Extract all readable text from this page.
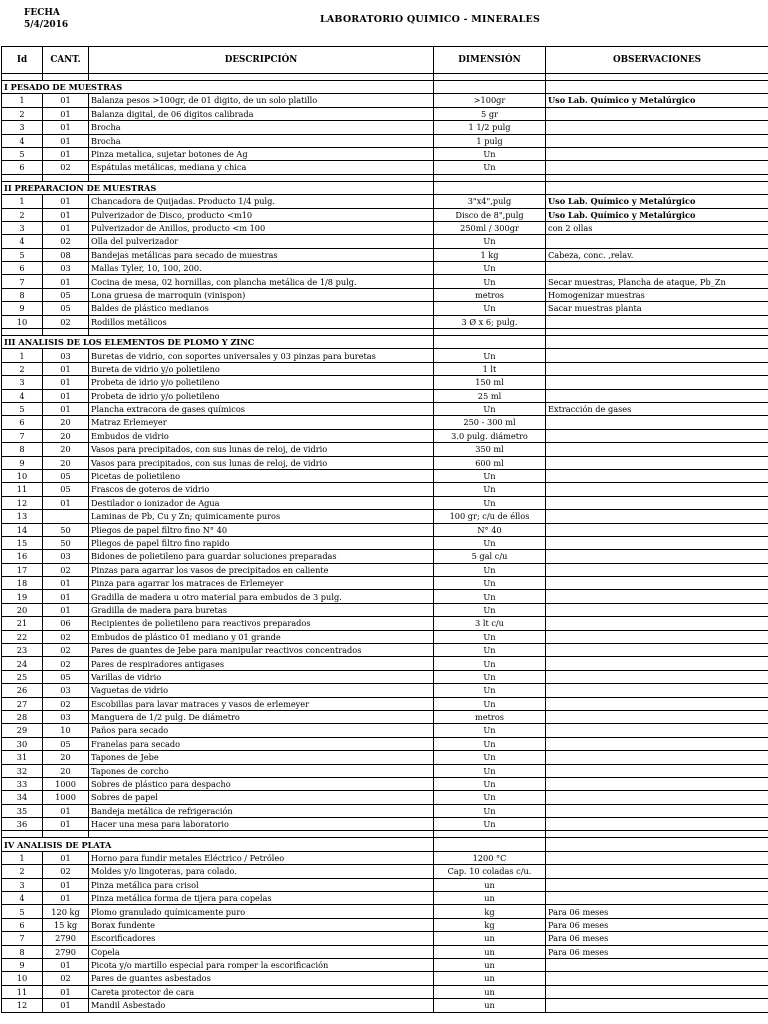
FECHA
5/4/2016	LABORATORIO QUIMICO - MINERALES
Id	CANT.	DESCRIPCIÓN	DIMENSIÓN	OBSERVACIONES

I PESADO DE MUESTRAS				
1	01	Balanza pesos >100gr, de 01 digito, de un solo platillo	>100gr	Uso Lab. Químico y Metalúrgico
2	01	Balanza digital, de 06 digitos calibrada	5 gr	
3	01	Brocha	1 1/2 pulg	
4	01	Brocha	1 pulg	
5	01	Pinza metalica, sujetar botones de Ag	Un	
6	02	Espátulas metálicas, mediana y chica	Un	

II PREPARACION DE MUESTRAS				
1	01	Chancadora de Quijadas. Producto 1/4 pulg.	3"x4",pulg	Uso Lab. Químico y Metalúrgico
2	01	Pulverizador de Disco, producto <m10	Disco de 8",pulg	Uso Lab. Químico y Metalúrgico
3	01	Pulverizador de Anillos, producto <m 100	250ml / 300gr	con 2 ollas
4	02	Olla del pulverizador	Un	
5	08	Bandejas metálicas para secado de muestras	1 kg	Cabeza, conc. ,relav.
6	03	Mallas Tyler, 10, 100, 200.	Un	
7	01	Cocina de mesa, 02 hornillas, con plancha metálica de 1/8 pulg.	Un	Secar muestras, Plancha de ataque, Pb_Zn
8	05	Lona gruesa de marroquin (vinispon)	metros	Homogenizar muestras
9	05	Baldes de plástico medianos	Un	Sacar muestras planta
10	02	Rodillos metálicos	3 Ø x 6; pulg.	

III ANALISIS DE LOS ELEMENTOS DE PLOMO Y ZINC				
1	03	Buretas de vidrio, con soportes universales y 03 pinzas para buretas	Un	
2	01	Bureta de vidrio y/o polietileno	1 lt	
3	01	Probeta de idrio y/o polietileno	150 ml	
4	01	Probeta de idrio y/o polietileno	25 ml	
5	01	Plancha extracora de gases químicos	Un	Extracción de gases
6	20	Matraz Erlemeyer	250 - 300 ml	
7	20	Embudos de vidrio	3.0 pulg. diámetro	
8	20	Vasos para precipitados, con sus lunas de reloj, de vidrio	350 ml	
9	20	Vasos para precipitados, con sus lunas de reloj, de vidrio	600 ml	
10	05	Picetas de polietileno	Un	
11	05	Frascos de goteros de vidrio	Un	
12	01	Destilador o ionizador de Agua	Un	
13		Laminas de Pb, Cu y Zn; quimicamente puros	100 gr; c/u de éllos	
14	50	Pliegos de papel filtro fino N° 40	N° 40	
15	50	Pliegos de papel filtro fino rapido	Un	
16	03	Bidones de polietileno para guardar soluciones preparadas	5 gal c/u	
17	02	Pinzas para agarrar los vasos de precipitados en caliente	Un	
18	01	Pinza para agarrar los matraces de Erlemeyer	Un	
19	01	Gradilla de madera u otro material para embudos de 3 pulg.	Un	
20	01	Gradilla de madera para buretas	Un	
21	06	Recipientes de polietileno para reactivos preparados	3 lt c/u	
22	02	Embudos de plástico 01 mediano y 01 grande	Un	
23	02	Pares de guantes de Jebe para manipular reactivos concentrados	Un	
24	02	Pares de respiradores antigases	Un	
25	05	Varillas de vidrio	Un	
26	03	Vaguetas de vidrio	Un	
27	02	Escobillas para lavar matraces y vasos de erlemeyer	Un	
28	03	Manguera de 1/2 pulg. De diámetro	metros	
29	10	Paños para secado	Un	
30	05	Franelas para secado	Un	
31	20	Tapones de Jebe	Un	
32	20	Tapones de corcho	Un	
33	1000	Sobres de plástico para despacho	Un	
34	1000	Sobres de papel	Un	
35	01	Bandeja metálica de refrigeración	Un	
36	01	Hacer una mesa para laboratorio	Un	

IV ANALISIS DE PLATA				
1	01	Horno para fundir metales Eléctrico / Petróleo	1200 °C	
2	02	Moldes y/o lingoteras, para colado.	Cap. 10 coladas c/u.	
3	01	Pinza metálica para crisol	un	
4	01	Pinza metálica forma de tijera para copelas	un	
5	120 kg	Plomo granulado químicamente puro	kg	Para 06 meses
6	15 kg	Borax fundente	kg	Para 06 meses
7	2790	Escorificadores	un	Para 06 meses
8	2790	Copela	un	Para 06 meses
9	01	Picota y/o martillo especial para romper la escorificación	un	
10	02	Pares de guantes asbestados	un	
11	01	Careta protector de cara	un	
12	01	Mandil Asbestado	un	
